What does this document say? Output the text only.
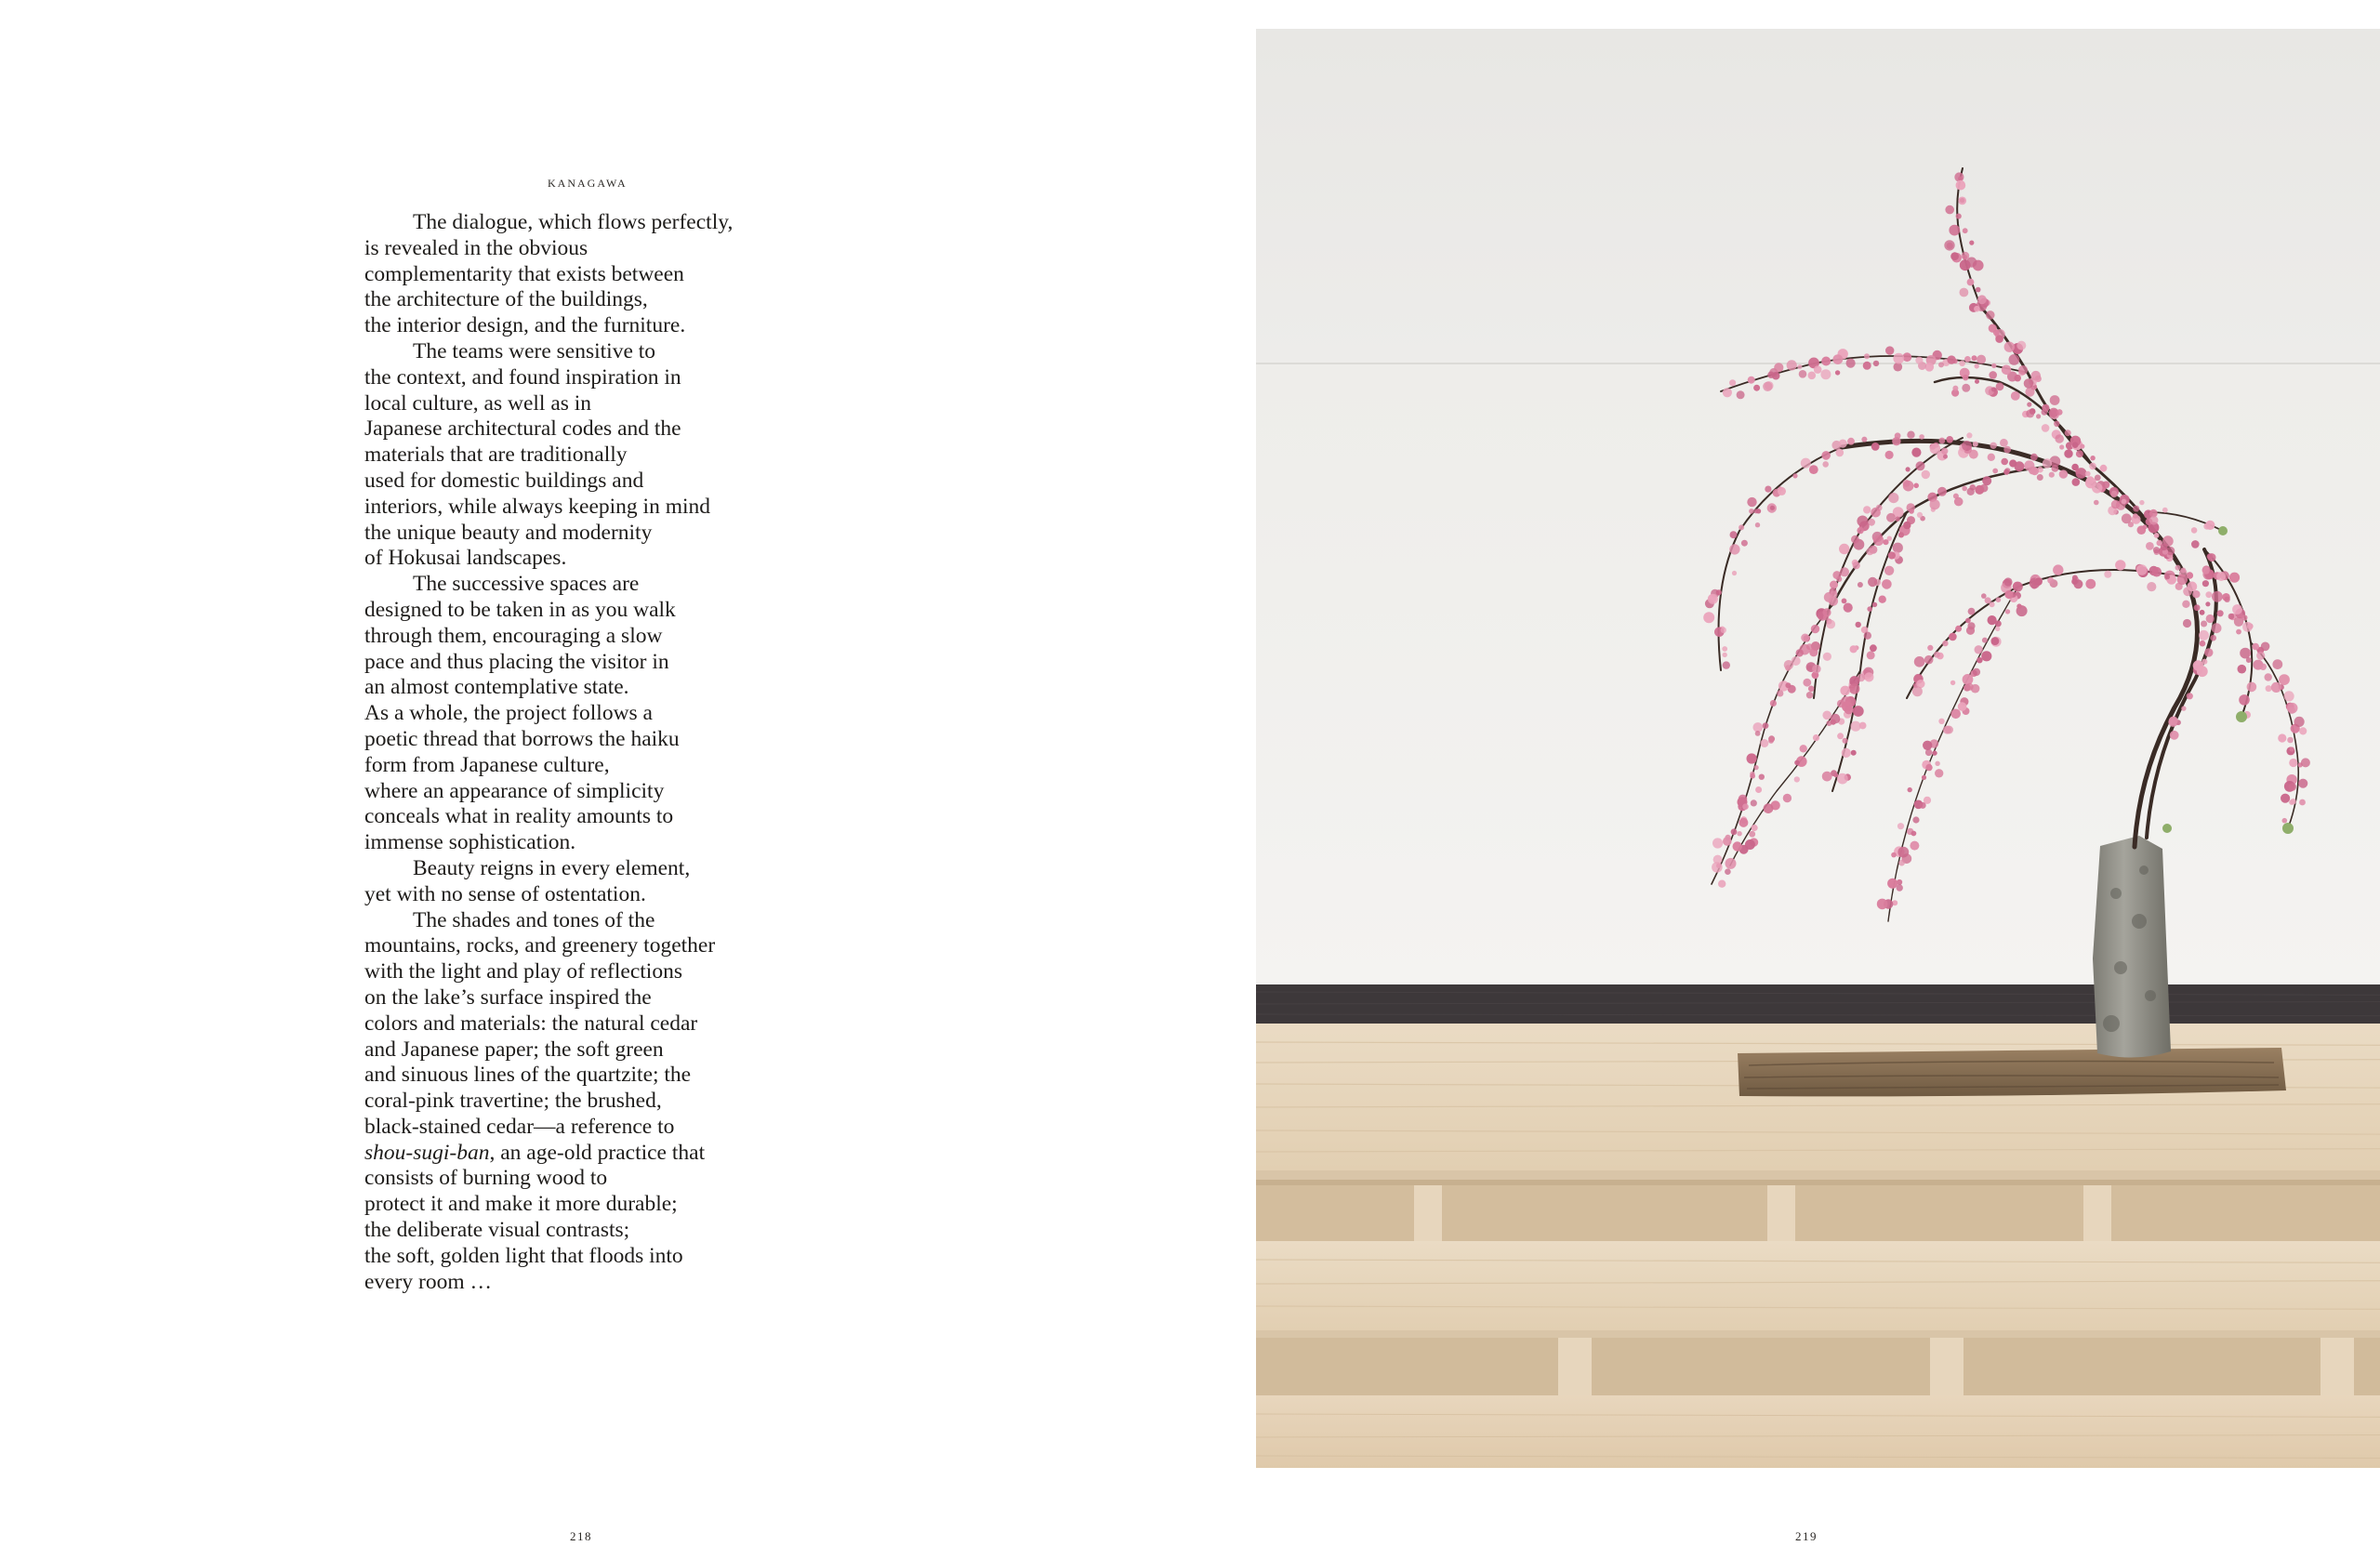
KANAGAWA

The dialogue, which flows perfectly,
is revealed in the obvious
complementarity that exists between
the architecture of the buildings,
the interior design, and the furniture.
The teams were sensitive to
the context, and found inspiration in
local culture, as well as in
Japanese architectural codes and the
materials that are traditionally
used for domestic buildings and
interiors, while always keeping in mind
the unique beauty and modernity
of Hokusai landscapes.
The successive spaces are
designed to be taken in as you walk
through them, encouraging a slow
pace and thus placing the visitor in
an almost contemplative state.
As a whole, the project follows a
poetic thread that borrows the haiku
form from Japanese culture,
where an appearance of simplicity
conceals what in reality amounts to
immense sophistication.
Beauty reigns in every element,
yet with no sense of ostentation.
The shades and tones of the
mountains, rocks, and greenery together
with the light and play of reflections
on the lake’s surface inspired the
colors and materials: the natural cedar
and Japanese paper; the soft green
and sinuous lines of the quartzite; the
coral-pink travertine; the brushed,
black-stained cedar—a reference to
shou-sugi-ban, an age-old practice that
consists of burning wood to
protect it and make it more durable;
the deliberate visual contrasts;
the soft, golden light that floods into
every room …

218	219
